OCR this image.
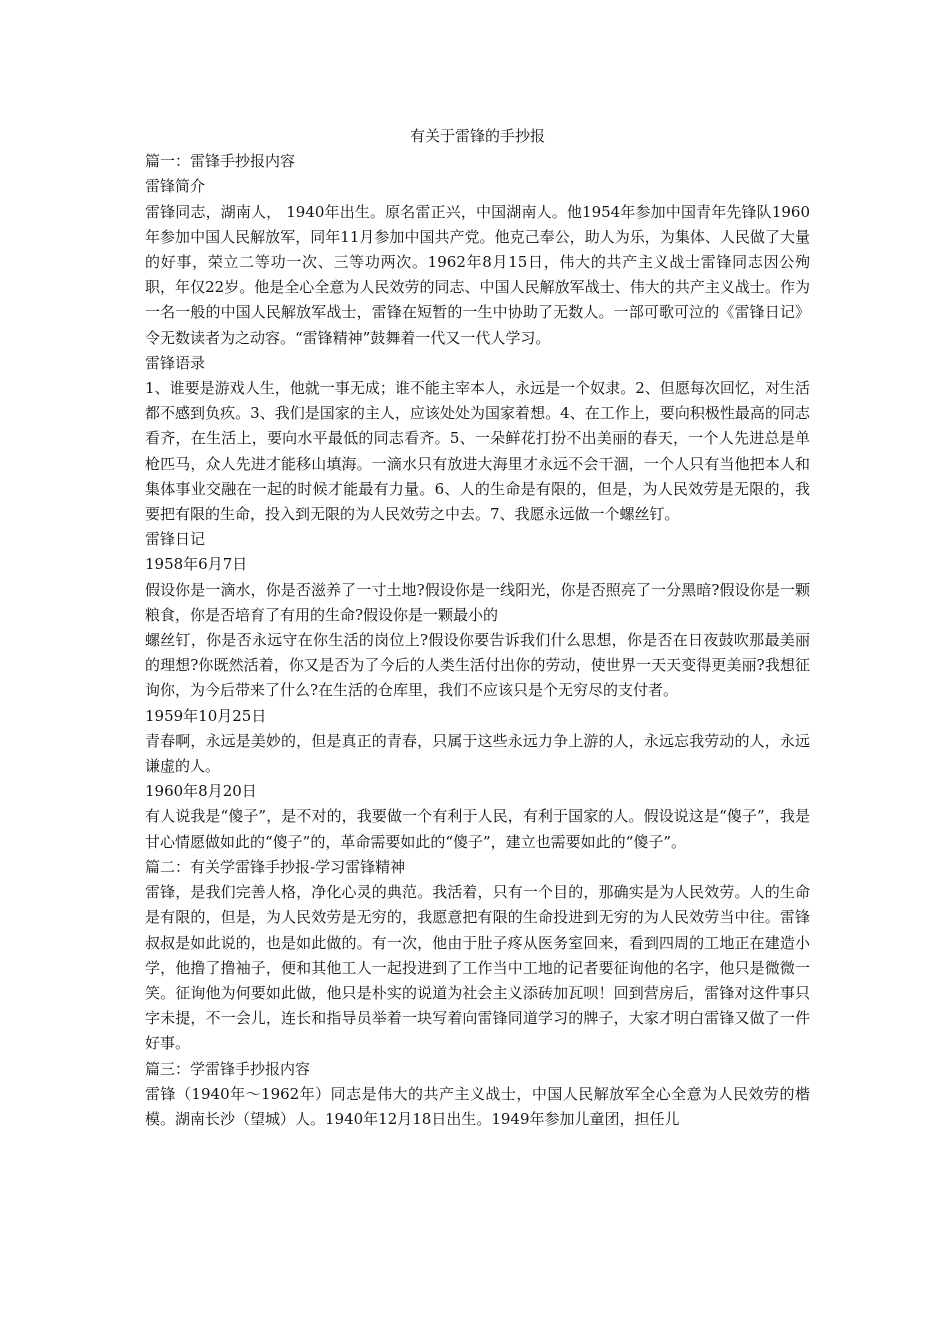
有关于雷锋的手抄报

篇一：雷锋手抄报内容

雷锋简介

雷锋同志，湖南人， 1940年出生。原名雷正兴，中国湖南人。他1954年参加中国青年先锋队1960年参加中国人民解放军，同年11月参加中国共产党。他克己奉公，助人为乐，为集体、人民做了大量的好事，荣立二等功一次、三等功两次。1962年8月15日，伟大的共产主义战士雷锋同志因公殉职，年仅22岁。他是全心全意为人民效劳的同志、中国人民解放军战士、伟大的共产主义战士。作为一名一般的中国人民解放军战士，雷锋在短暂的一生中协助了无数人。一部可歌可泣的《雷锋日记》令无数读者为之动容。“雷锋精神”鼓舞着一代又一代人学习。

雷锋语录

1、谁要是游戏人生，他就一事无成；谁不能主宰本人，永远是一个奴隶。2、但愿每次回忆，对生活都不感到负疚。3、我们是国家的主人，应该处处为国家着想。4、在工作上，要向积极性最高的同志看齐，在生活上，要向水平最低的同志看齐。5、一朵鲜花打扮不出美丽的春天，一个人先进总是单枪匹马，众人先进才能移山填海。一滴水只有放进大海里才永远不会干涸，一个人只有当他把本人和集体事业交融在一起的时候才能最有力量。6、人的生命是有限的，但是，为人民效劳是无限的，我要把有限的生命，投入到无限的为人民效劳之中去。7、我愿永远做一个螺丝钉。

雷锋日记

1958年6月7日

假设你是一滴水，你是否滋养了一寸土地?假设你是一线阳光，你是否照亮了一分黑暗?假设你是一颗粮食，你是否培育了有用的生命?假设你是一颗最小的

螺丝钉，你是否永远守在你生活的岗位上?假设你要告诉我们什么思想，你是否在日夜鼓吹那最美丽的理想?你既然活着，你又是否为了今后的人类生活付出你的劳动，使世界一天天变得更美丽?我想征询你，为今后带来了什么?在生活的仓库里，我们不应该只是个无穷尽的支付者。

1959年10月25日

青春啊，永远是美妙的，但是真正的青春，只属于这些永远力争上游的人，永远忘我劳动的人，永远谦虚的人。

1960年8月20日

有人说我是“傻子”，是不对的，我要做一个有利于人民，有利于国家的人。假设说这是“傻子”，我是甘心情愿做如此的“傻子”的，革命需要如此的“傻子”，建立也需要如此的“傻子”。

篇二：有关学雷锋手抄报-学习雷锋精神

雷锋，是我们完善人格，净化心灵的典范。我活着，只有一个目的，那确实是为人民效劳。人的生命是有限的，但是，为人民效劳是无穷的，我愿意把有限的生命投进到无穷的为人民效劳当中往。雷锋叔叔是如此说的，也是如此做的。有一次，他由于肚子疼从医务室回来，看到四周的工地正在建造小学，他撸了撸袖子，便和其他工人一起投进到了工作当中工地的记者要征询他的名字，他只是微微一笑。征询他为何要如此做，他只是朴实的说道为社会主义添砖加瓦呗！回到营房后，雷锋对这件事只字未提，不一会儿，连长和指导员举着一块写着向雷锋同道学习的牌子，大家才明白雷锋又做了一件好事。

篇三：学雷锋手抄报内容

雷锋（1940年～1962年）同志是伟大的共产主义战士，中国人民解放军全心全意为人民效劳的楷模。湖南长沙（望城）人。1940年12月18日出生。1949年参加儿童团，担任儿
